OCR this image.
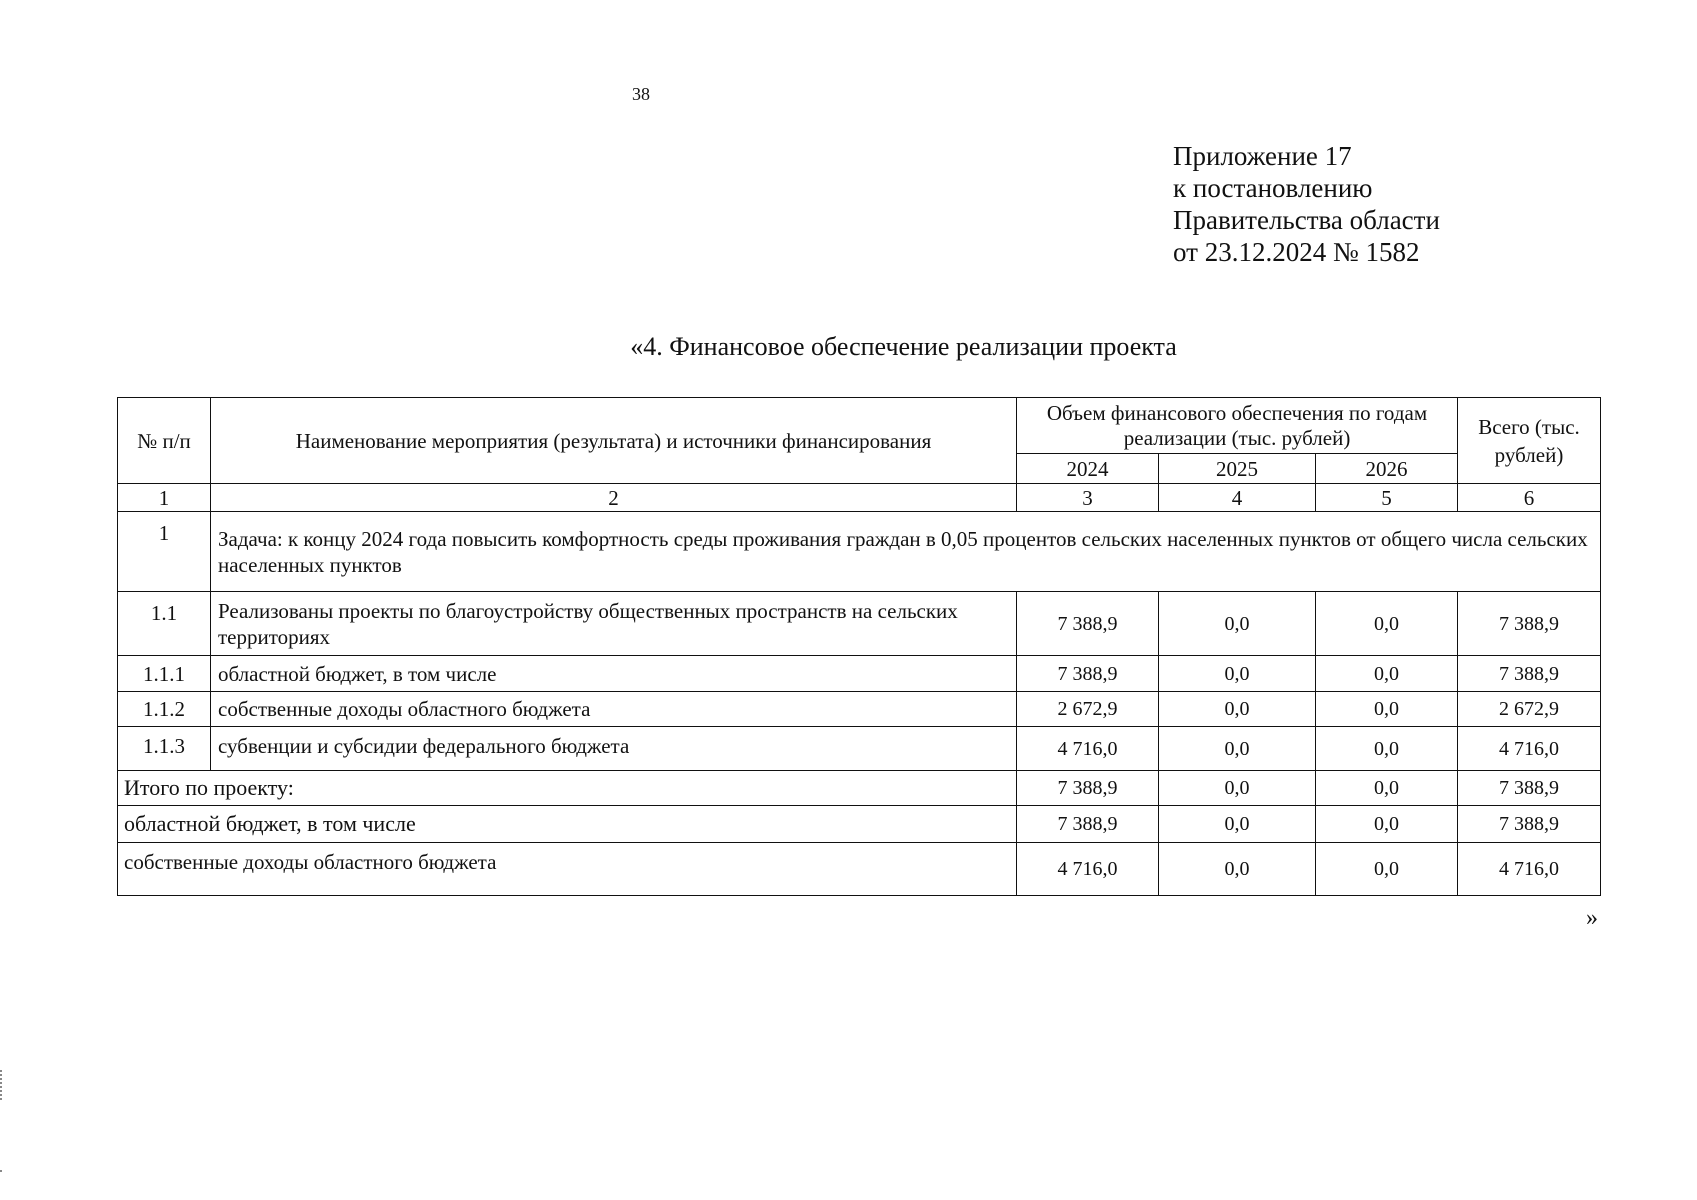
38
Приложение 17
к постановлению
Правительства области
от 23.12.2024 № 1582
«4. Финансовое обеспечение реализации проекта
№ п/п	Наименование мероприятия (результата) и источники финансирования	Объем финансового обеспечения по годам реализации (тыс. рублей)			Всего (тыс. рублей)
		2024	2025	2026	
1	2	3	4	5	6
1	Задача: к концу 2024 года повысить комфортность среды проживания граждан в 0,05 процентов сельских населенных пунктов от общего числа сельских населенных пунктов				
1.1	Реализованы проекты по благоустройству общественных пространств на сельских территориях	7 388,9	0,0	0,0	7 388,9
1.1.1	областной бюджет, в том числе	7 388,9	0,0	0,0	7 388,9
1.1.2	собственные доходы областного бюджета	2 672,9	0,0	0,0	2 672,9
1.1.3	субвенции и субсидии федерального бюджета	4 716,0	0,0	0,0	4 716,0
Итого по проекту:		7 388,9	0,0	0,0	7 388,9
областной бюджет, в том числе		7 388,9	0,0	0,0	7 388,9
собственные доходы областного бюджета		4 716,0	0,0	0,0	4 716,0
»
